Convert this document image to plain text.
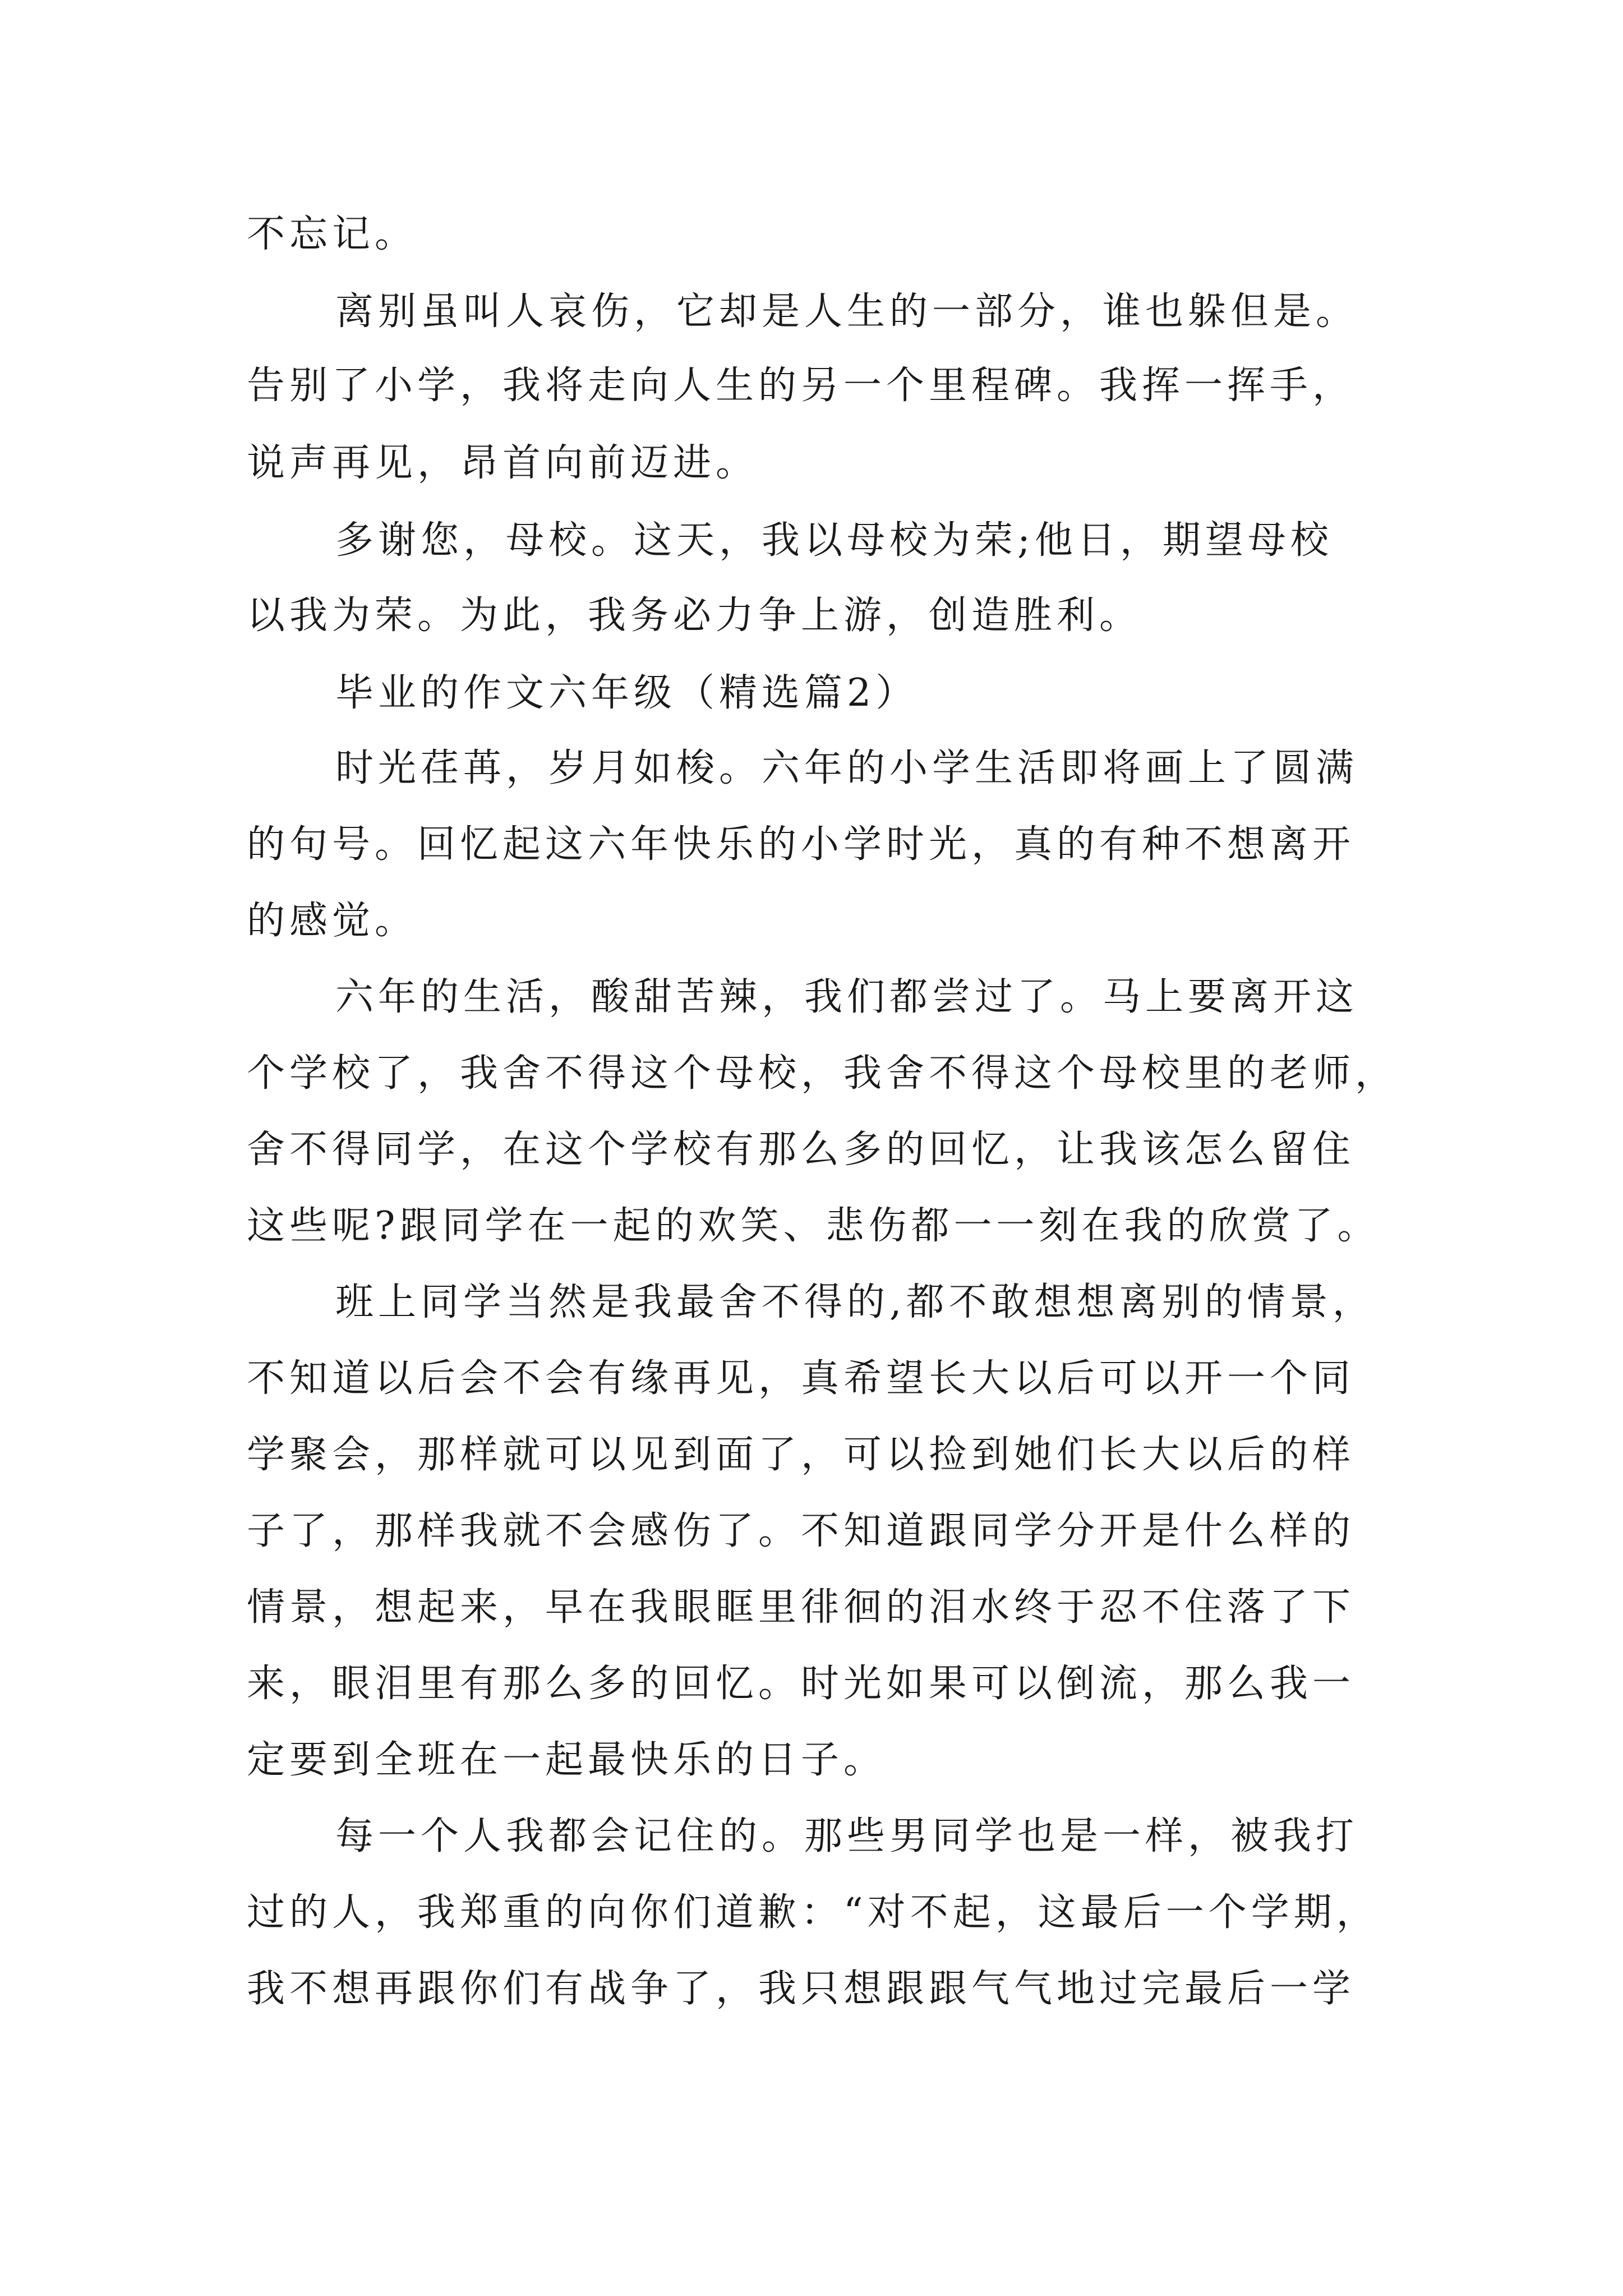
不忘记。
离别虽叫人哀伤，它却是人生的一部分，谁也躲但是。
告别了小学，我将走向人生的另一个里程碑。我挥一挥手，
说声再见，昂首向前迈进。
多谢您，母校。这天，我以母校为荣;他日，期望母校
以我为荣。为此，我务必力争上游，创造胜利。
毕业的作文六年级（精选篇2）
时光荏苒，岁月如梭。六年的小学生活即将画上了圆满
的句号。回忆起这六年快乐的小学时光，真的有种不想离开
的感觉。
六年的生活，酸甜苦辣，我们都尝过了。马上要离开这
个学校了，我舍不得这个母校，我舍不得这个母校里的老师，
舍不得同学，在这个学校有那么多的回忆，让我该怎么留住
这些呢?跟同学在一起的欢笑、悲伤都一一刻在我的欣赏了。
班上同学当然是我最舍不得的,都不敢想想离别的情景，
不知道以后会不会有缘再见，真希望长大以后可以开一个同
学聚会，那样就可以见到面了，可以捡到她们长大以后的样
子了，那样我就不会感伤了。不知道跟同学分开是什么样的
情景，想起来，早在我眼眶里徘徊的泪水终于忍不住落了下
来，眼泪里有那么多的回忆。时光如果可以倒流，那么我一
定要到全班在一起最快乐的日子。
每一个人我都会记住的。那些男同学也是一样，被我打
过的人，我郑重的向你们道歉：“对不起，这最后一个学期，
我不想再跟你们有战争了，我只想跟跟气气地过完最后一学
